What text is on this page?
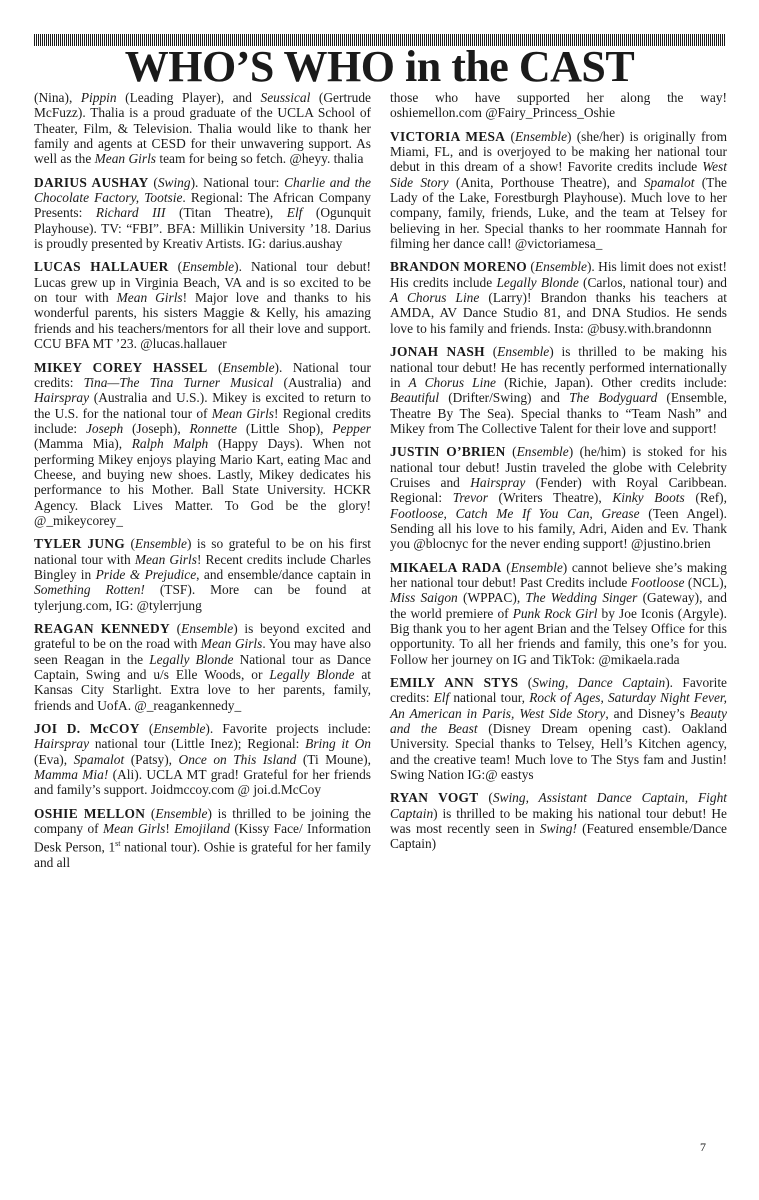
WHO’S WHO in the CAST

(Nina), Pippin (Leading Player), and Seussical (Gertrude McFuzz). Thalia is a proud graduate of the UCLA School of Theater, Film, & Television. Thalia would like to thank her family and agents at CESD for their unwavering support. As well as the Mean Girls team for being so fetch. @heyy. thalia

DARIUS AUSHAY (Swing). National tour: Charlie and the Chocolate Factory, Tootsie. Regional: The African Company Presents: Richard III (Titan Theatre), Elf (Ogunquit Playhouse). TV: “FBI”. BFA: Millikin University ’18. Darius is proudly presented by Kreativ Artists. IG: darius.aushay

LUCAS HALLAUER (Ensemble). National tour debut! Lucas grew up in Virginia Beach, VA and is so excited to be on tour with Mean Girls! Major love and thanks to his wonderful parents, his sisters Maggie & Kelly, his amazing friends and his teachers/mentors for all their love and support. CCU BFA MT ’23. @lucas.hallauer

MIKEY COREY HASSEL (Ensemble). National tour credits: Tina—The Tina Turner Musical (Australia) and Hairspray (Australia and U.S.). Mikey is excited to return to the U.S. for the national tour of Mean Girls! Regional credits include: Joseph (Joseph), Ronnette (Little Shop), Pepper (Mamma Mia), Ralph Malph (Happy Days). When not performing Mikey enjoys playing Mario Kart, eating Mac and Cheese, and buying new shoes. Lastly, Mikey dedicates his performance to his Mother. Ball State University. HCKR Agency. Black Lives Matter. To God be the glory! @_mikeycorey_

TYLER JUNG (Ensemble) is so grateful to be on his first national tour with Mean Girls! Recent credits include Charles Bingley in Pride & Prejudice, and ensemble/dance captain in Something Rotten! (TSF). More can be found at tylerjung.com, IG: @tylerrjung

REAGAN KENNEDY (Ensemble) is beyond excited and grateful to be on the road with Mean Girls. You may have also seen Reagan in the Legally Blonde National tour as Dance Captain, Swing and u/s Elle Woods, or Legally Blonde at Kansas City Starlight. Extra love to her parents, family, friends and UofA. @_reagankennedy_

JOI D. McCOY (Ensemble). Favorite projects include: Hairspray national tour (Little Inez); Regional: Bring it On (Eva), Spamalot (Patsy), Once on This Island (Ti Moune), Mamma Mia! (Ali). UCLA MT grad! Grateful for her friends and family’s support. Joidmccoy.com @ joi.d.McCoy

OSHIE MELLON (Ensemble) is thrilled to be joining the company of Mean Girls! Emojiland (Kissy Face/ Information Desk Person, 1st national tour). Oshie is grateful for her family and all

those who have supported her along the way! oshiemellon.com @Fairy_Princess_Oshie

VICTORIA MESA (Ensemble) (she/her) is originally from Miami, FL, and is overjoyed to be making her national tour debut in this dream of a show! Favorite credits include West Side Story (Anita, Porthouse Theatre), and Spamalot (The Lady of the Lake, Forestburgh Playhouse). Much love to her company, family, friends, Luke, and the team at Telsey for believing in her. Special thanks to her roommate Hannah for filming her dance call! @victoriamesa_

BRANDON MORENO (Ensemble). His limit does not exist! His credits include Legally Blonde (Carlos, national tour) and A Chorus Line (Larry)! Brandon thanks his teachers at AMDA, AV Dance Studio 81, and DNA Studios. He sends love to his family and friends. Insta: @busy.with.brandonnn

JONAH NASH (Ensemble) is thrilled to be making his national tour debut! He has recently performed internationally in A Chorus Line (Richie, Japan). Other credits include: Beautiful (Drifter/Swing) and The Bodyguard (Ensemble, Theatre By The Sea). Special thanks to “Team Nash” and Mikey from The Collective Talent for their love and support!

JUSTIN O’BRIEN (Ensemble) (he/him) is stoked for his national tour debut! Justin traveled the globe with Celebrity Cruises and Hairspray (Fender) with Royal Caribbean. Regional: Trevor (Writers Theatre), Kinky Boots (Ref), Footloose, Catch Me If You Can, Grease (Teen Angel). Sending all his love to his family, Adri, Aiden and Ev. Thank you @blocnyc for the never ending support! @justino.brien

MIKAELA RADA (Ensemble) cannot believe she’s making her national tour debut! Past Credits include Footloose (NCL), Miss Saigon (WPPAC), The Wedding Singer (Gateway), and the world premiere of Punk Rock Girl by Joe Iconis (Argyle). Big thank you to her agent Brian and the Telsey Office for this opportunity. To all her friends and family, this one’s for you. Follow her journey on IG and TikTok: @mikaela.rada

EMILY ANN STYS (Swing, Dance Captain). Favorite credits: Elf national tour, Rock of Ages, Saturday Night Fever, An American in Paris, West Side Story, and Disney’s Beauty and the Beast (Disney Dream opening cast). Oakland University. Special thanks to Telsey, Hell’s Kitchen agency, and the creative team! Much love to The Stys fam and Justin! Swing Nation IG:@ eastys

RYAN VOGT (Swing, Assistant Dance Captain, Fight Captain) is thrilled to be making his national tour debut! He was most recently seen in Swing! (Featured ensemble/Dance Captain)

7
